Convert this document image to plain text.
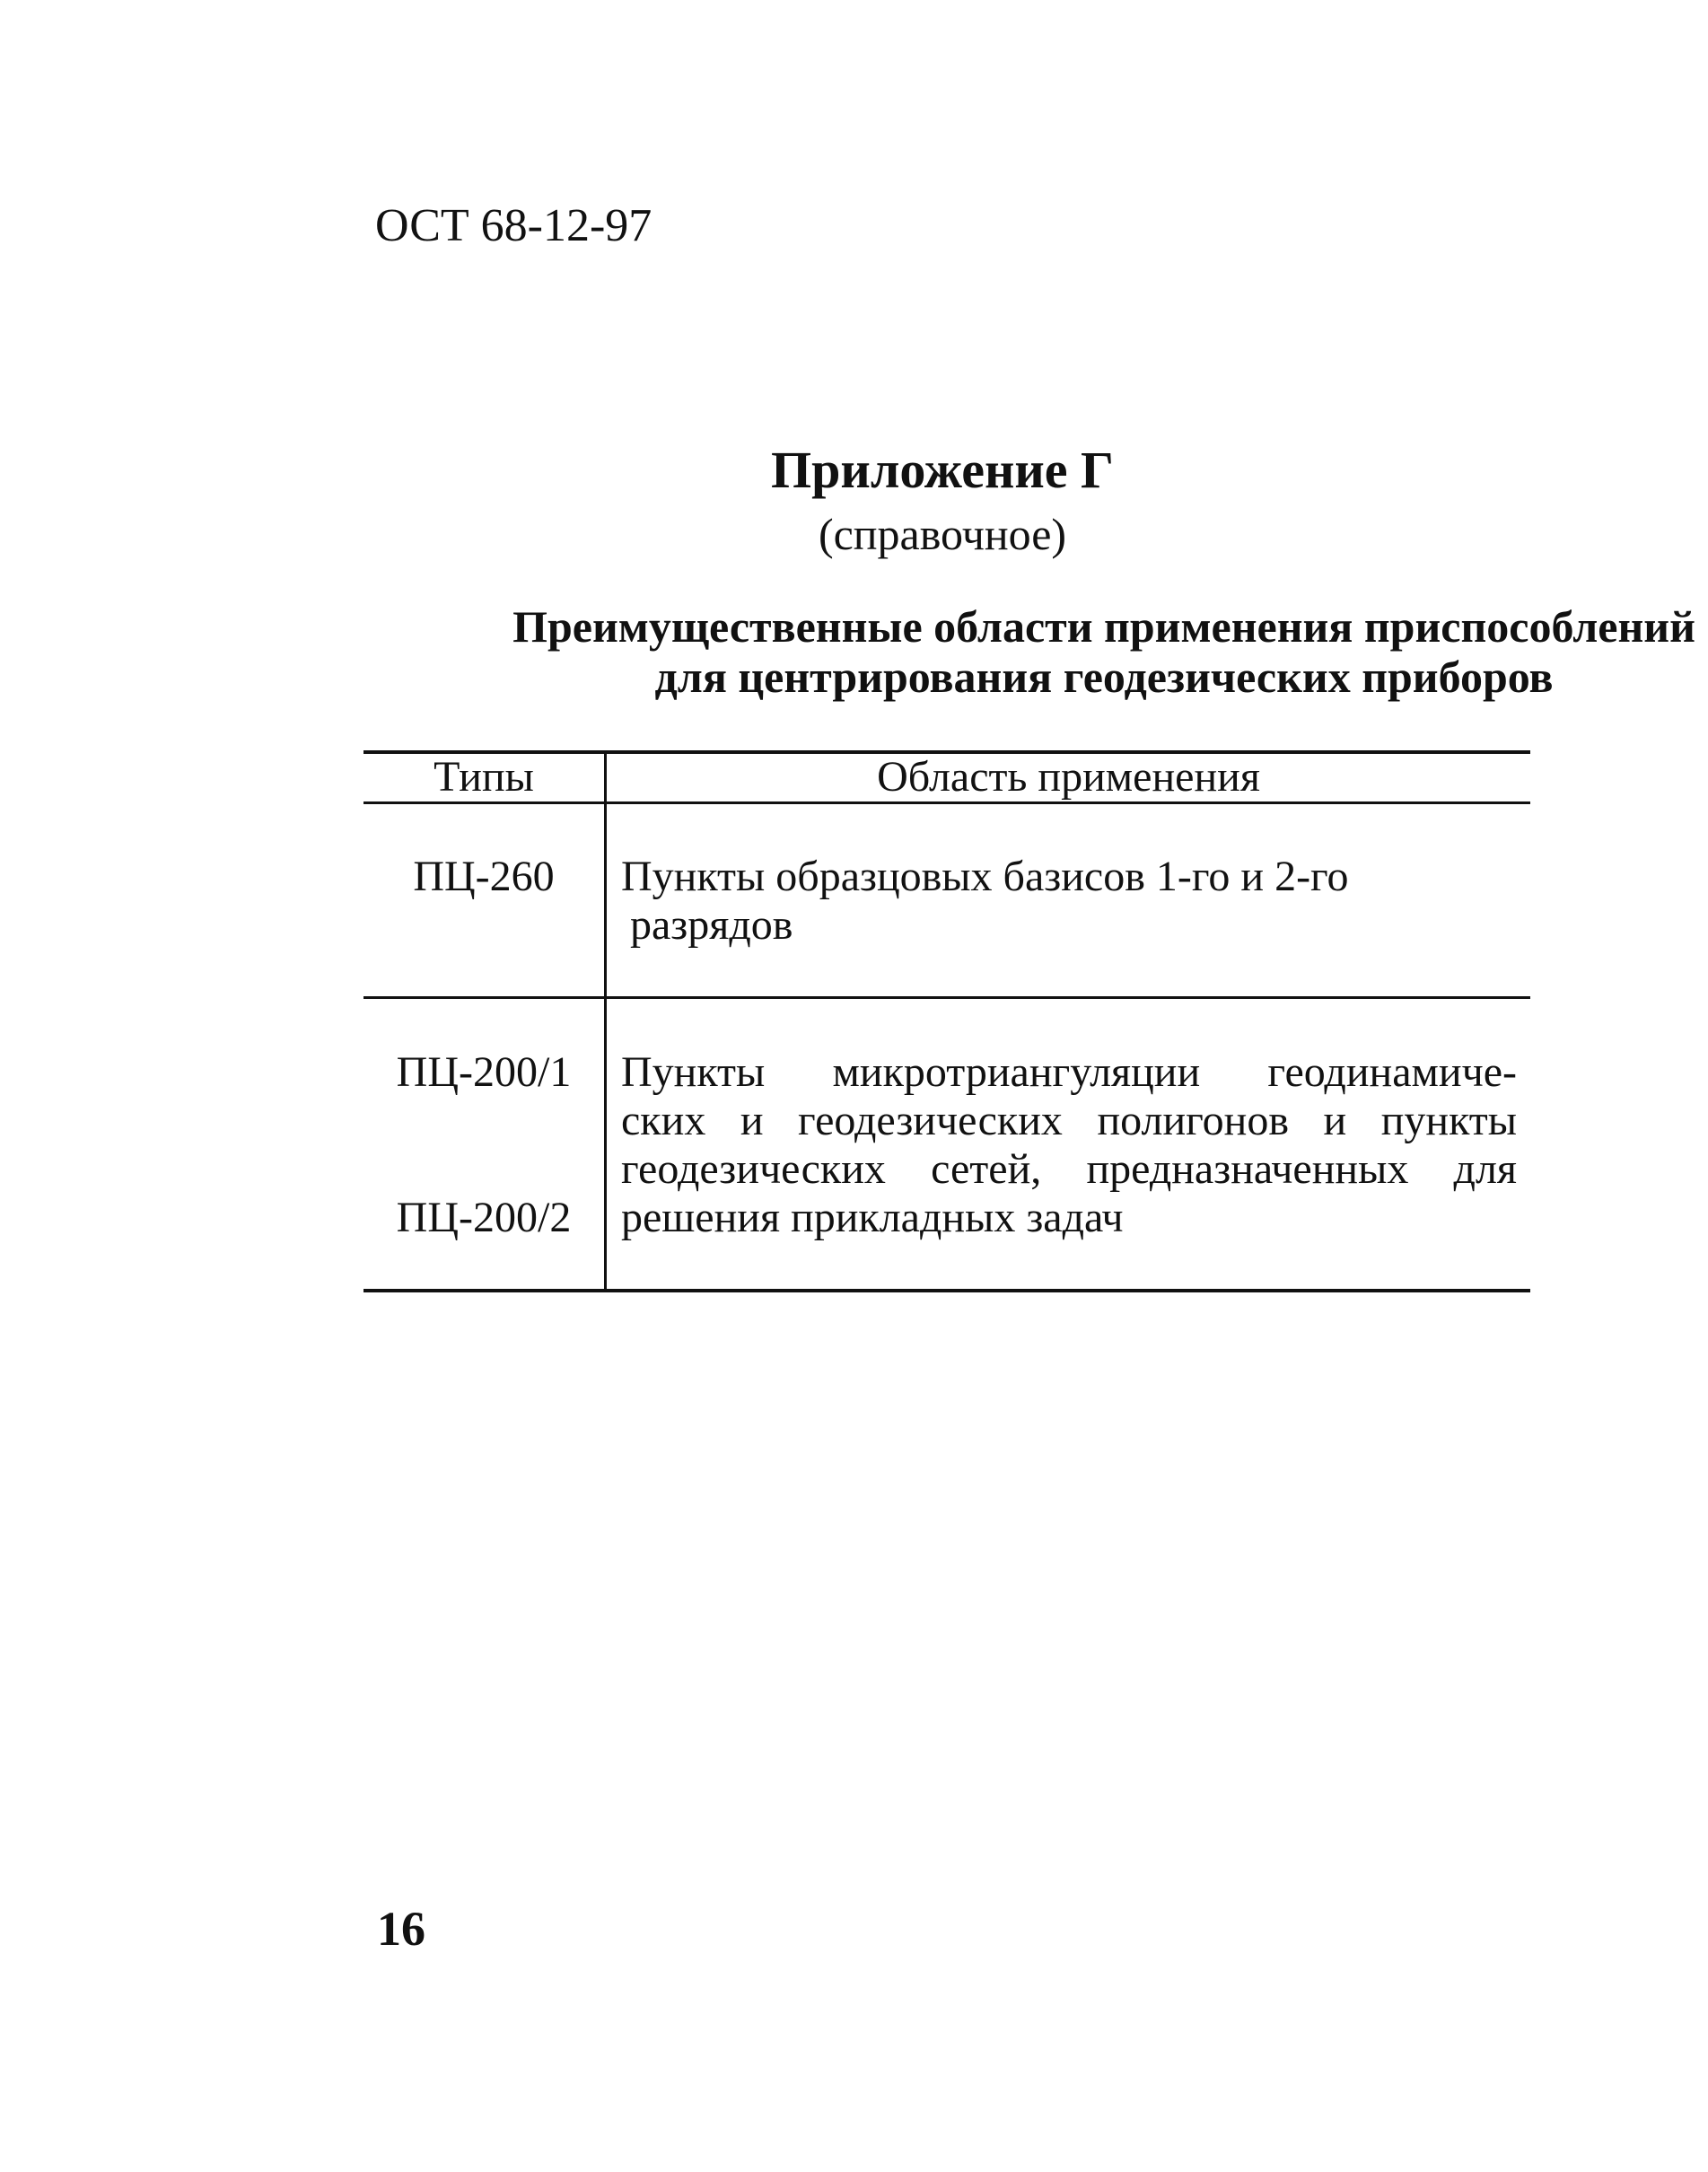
ОСТ 68-12-97
Приложение Г
(справочное)
Преимущественные области применения приспособлений
для центрирования геодезических приборов
Типы	Область применения
ПЦ-260	Пункты образцовых базисов 1-го и 2-го
разрядов
ПЦ-200/1
ПЦ-200/2
Пункты микротриангуляции геодинамиче-
ских и геодезических полигонов и пункты
геодезических сетей, предназначенных для
решения прикладных задач
16
